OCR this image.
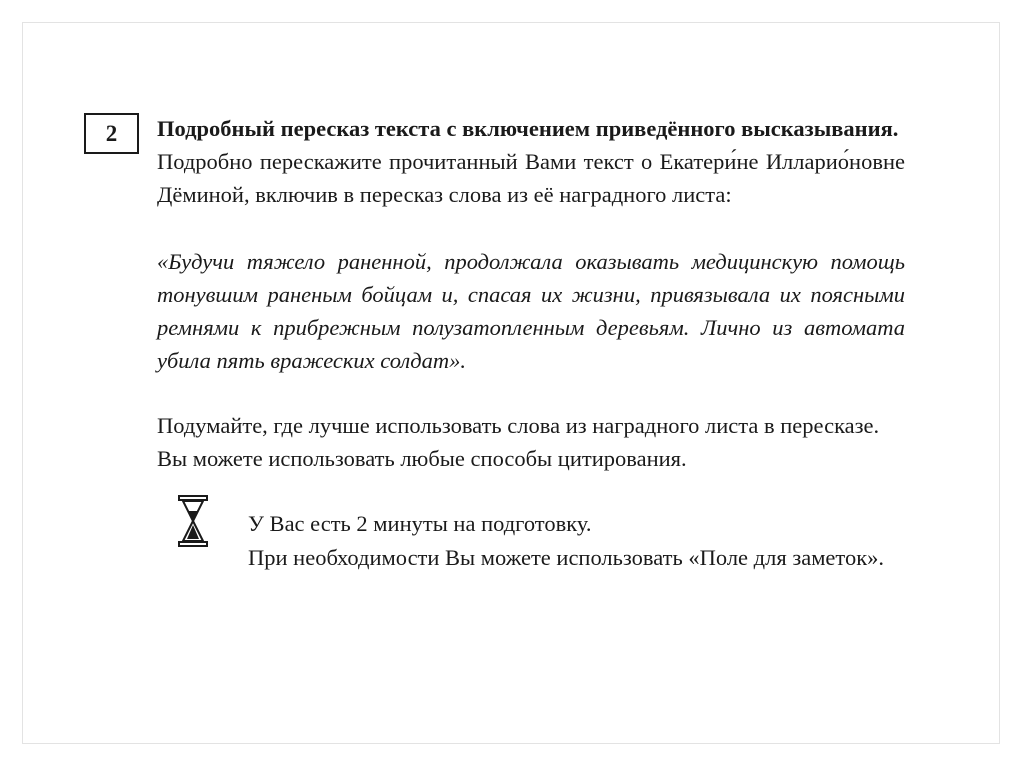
2	Подробный пересказ текста с включением приведённого высказывания.

Подробно перескажите прочитанный Вами текст о Екатери́не Илларио́новне Дёминой, включив в пересказ слова из её наградного листа:

«Будучи тяжело раненной, продолжала оказывать медицинскую помощь тонувшим раненым бойцам и, спасая их жизни, привязывала их поясными ремнями к прибрежным полузатопленным деревьям. Лично из автомата убила пять вражеских солдат».

Подумайте, где лучше использовать слова из наградного листа в пересказе.
Вы можете использовать любые способы цитирования.
У Вас есть 2 минуты на подготовку.
При необходимости Вы можете использовать «Поле для заметок».
